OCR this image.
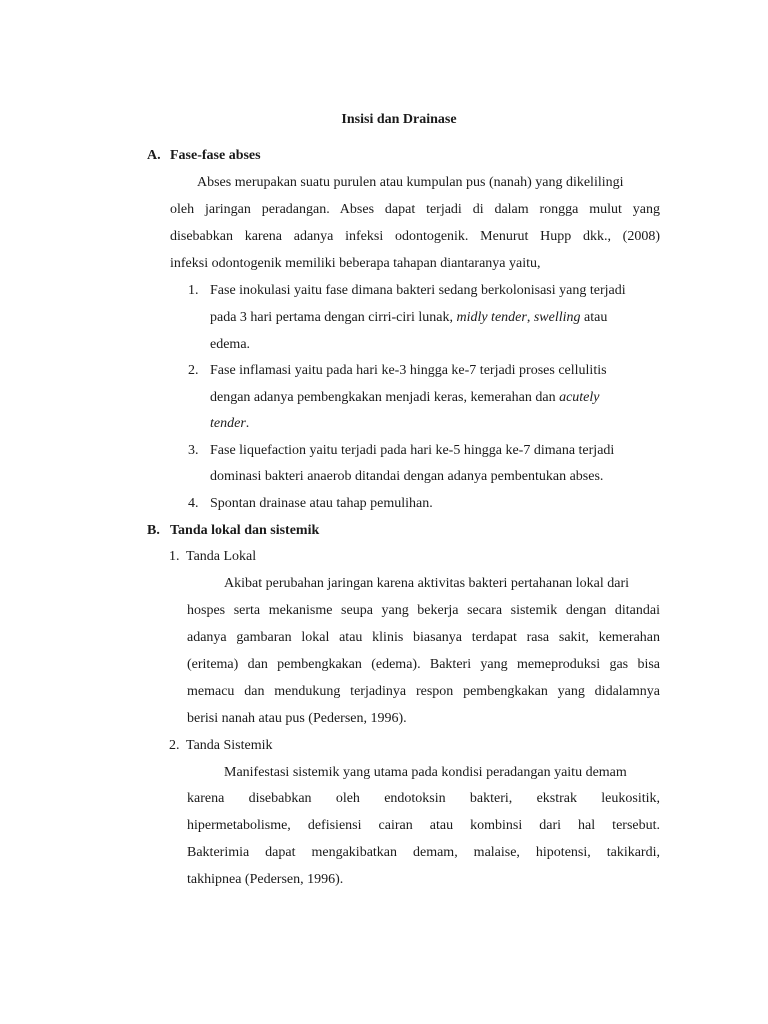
Insisi dan Drainase
A. Fase-fase abses
Abses merupakan suatu purulen atau kumpulan pus (nanah) yang dikelilingi
oleh jaringan peradangan. Abses dapat terjadi di dalam rongga mulut yang
disebabkan karena adanya infeksi odontogenik. Menurut Hupp dkk., (2008)
infeksi odontogenik memiliki beberapa tahapan diantaranya yaitu,
1. Fase inokulasi yaitu fase dimana bakteri sedang berkolonisasi yang terjadi
pada 3 hari pertama dengan cirri-ciri lunak, midly tender, swelling atau
edema.
2. Fase inflamasi yaitu pada hari ke-3 hingga ke-7 terjadi proses cellulitis
dengan adanya pembengkakan menjadi keras, kemerahan dan acutely
tender.
3. Fase liquefaction yaitu terjadi pada hari ke-5 hingga ke-7 dimana terjadi
dominasi bakteri anaerob ditandai dengan adanya pembentukan abses.
4. Spontan drainase atau tahap pemulihan.
B. Tanda lokal dan sistemik
1. Tanda Lokal
Akibat perubahan jaringan karena aktivitas bakteri pertahanan lokal dari
hospes serta mekanisme seupa yang bekerja secara sistemik dengan ditandai
adanya gambaran lokal atau klinis biasanya terdapat rasa sakit, kemerahan
(eritema) dan pembengkakan (edema). Bakteri yang memeproduksi gas bisa
memacu dan mendukung terjadinya respon pembengkakan yang didalamnya
berisi nanah atau pus (Pedersen, 1996).
2. Tanda Sistemik
Manifestasi sistemik yang utama pada kondisi peradangan yaitu demam
karena disebabkan oleh endotoksin bakteri, ekstrak leukositik,
hipermetabolisme, defisiensi cairan atau kombinsi dari hal tersebut.
Bakterimia dapat mengakibatkan demam, malaise, hipotensi, takikardi,
takhipnea (Pedersen, 1996).
